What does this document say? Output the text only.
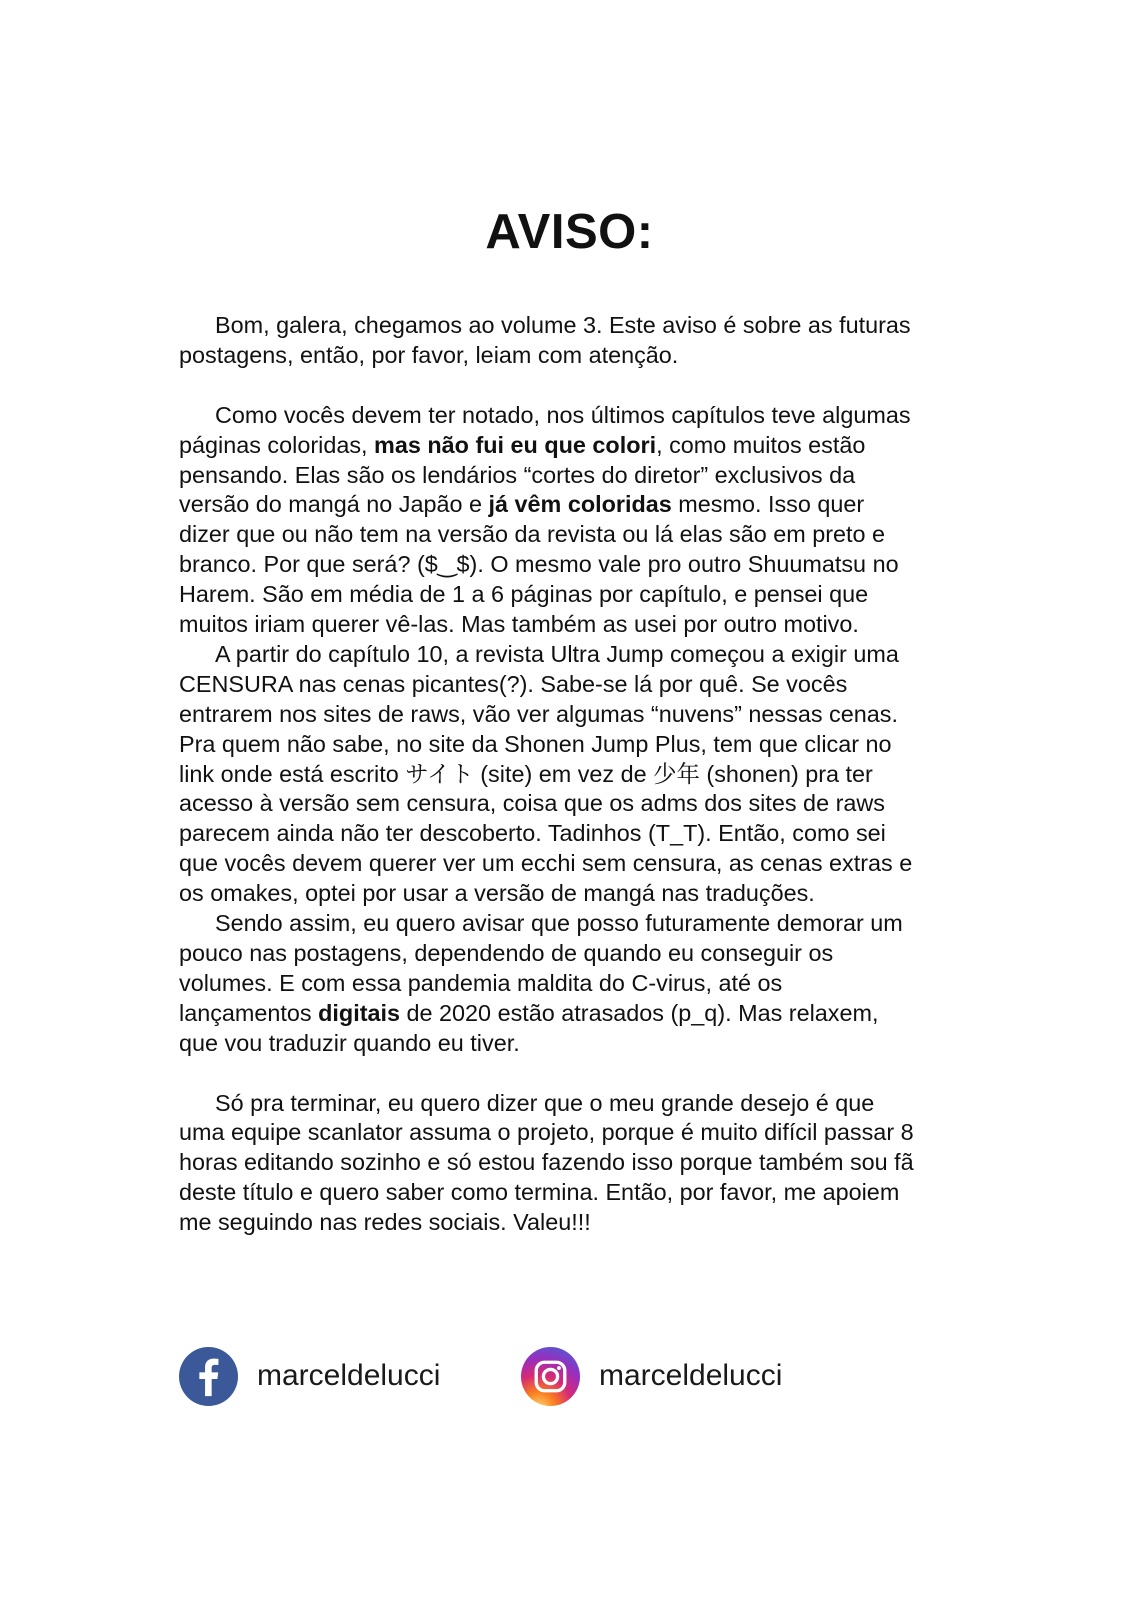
AVISO:

Bom, galera, chegamos ao volume 3. Este aviso é sobre as futuras
postagens, então, por favor, leiam com atenção.

Como vocês devem ter notado, nos últimos capítulos teve algumas
páginas coloridas, mas não fui eu que colori, como muitos estão
pensando. Elas são os lendários “cortes do diretor” exclusivos da
versão do mangá no Japão e já vêm coloridas mesmo. Isso quer
dizer que ou não tem na versão da revista ou lá elas são em preto e
branco. Por que será? ($‿$). O mesmo vale pro outro Shuumatsu no
Harem. São em média de 1 a 6 páginas por capítulo, e pensei que
muitos iriam querer vê-las. Mas também as usei por outro motivo.

A partir do capítulo 10, a revista Ultra Jump começou a exigir uma
CENSURA nas cenas picantes(?). Sabe-se lá por quê. Se vocês
entrarem nos sites de raws, vão ver algumas “nuvens” nessas cenas.
Pra quem não sabe, no site da Shonen Jump Plus, tem que clicar no
link onde está escrito サイト (site) em vez de 少年 (shonen) pra ter
acesso à versão sem censura, coisa que os adms dos sites de raws
parecem ainda não ter descoberto. Tadinhos (T_T). Então, como sei
que vocês devem querer ver um ecchi sem censura, as cenas extras e
os omakes, optei por usar a versão de mangá nas traduções.

Sendo assim, eu quero avisar que posso futuramente demorar um
pouco nas postagens, dependendo de quando eu conseguir os
volumes. E com essa pandemia maldita do C-virus, até os
lançamentos digitais de 2020 estão atrasados (p_q). Mas relaxem,
que vou traduzir quando eu tiver.

Só pra terminar, eu quero dizer que o meu grande desejo é que
uma equipe scanlator assuma o projeto, porque é muito difícil passar 8
horas editando sozinho e só estou fazendo isso porque também sou fã
deste título e quero saber como termina. Então, por favor, me apoiem
me seguindo nas redes sociais. Valeu!!!

marceldelucci	marceldelucci
